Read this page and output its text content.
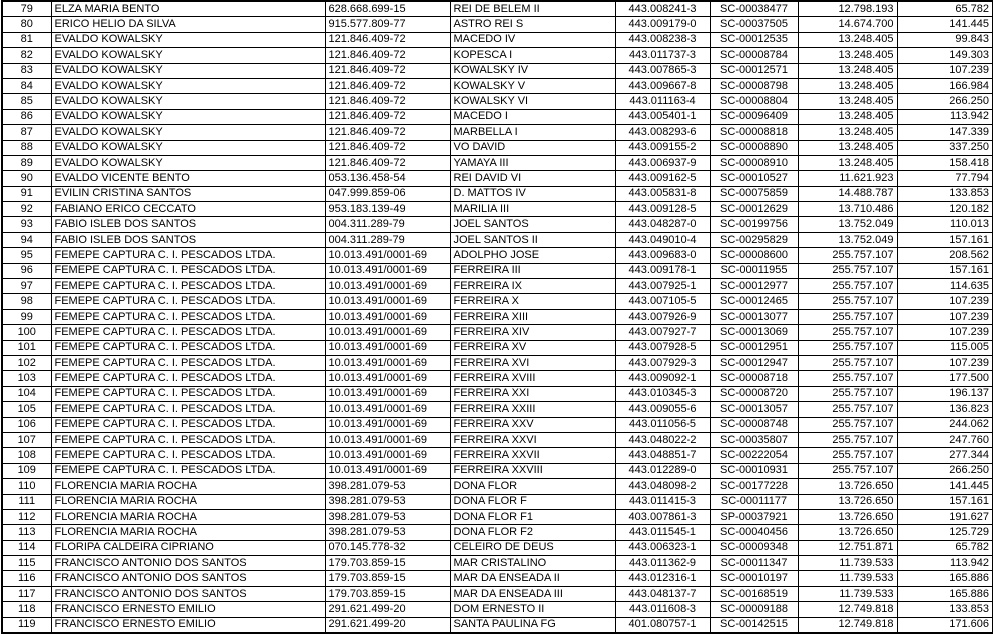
79	ELZA MARIA BENTO	628.668.699-15	REI DE BELEM II	443.008241-3	SC-00038477	12.798.193	65.782
80	ERICO HELIO DA SILVA	915.577.809-77	ASTRO REI S	443.009179-0	SC-00037505	14.674.700	141.445
81	EVALDO KOWALSKY	121.846.409-72	MACEDO IV	443.008238-3	SC-00012535	13.248.405	99.843
82	EVALDO KOWALSKY	121.846.409-72	KOPESCA I	443.011737-3	SC-00008784	13.248.405	149.303
83	EVALDO KOWALSKY	121.846.409-72	KOWALSKY IV	443.007865-3	SC-00012571	13.248.405	107.239
84	EVALDO KOWALSKY	121.846.409-72	KOWALSKY V	443.009667-8	SC-00008798	13.248.405	166.984
85	EVALDO KOWALSKY	121.846.409-72	KOWALSKY VI	443.011163-4	SC-00008804	13.248.405	266.250
86	EVALDO KOWALSKY	121.846.409-72	MACEDO I	443.005401-1	SC-00096409	13.248.405	113.942
87	EVALDO KOWALSKY	121.846.409-72	MARBELLA I	443.008293-6	SC-00008818	13.248.405	147.339
88	EVALDO KOWALSKY	121.846.409-72	VO DAVID	443.009155-2	SC-00008890	13.248.405	337.250
89	EVALDO KOWALSKY	121.846.409-72	YAMAYA III	443.006937-9	SC-00008910	13.248.405	158.418
90	EVALDO VICENTE BENTO	053.136.458-54	REI DAVID VI	443.009162-5	SC-00010527	11.621.923	77.794
91	EVILIN CRISTINA SANTOS	047.999.859-06	D. MATTOS IV	443.005831-8	SC-00075859	14.488.787	133.853
92	FABIANO ERICO CECCATO	953.183.139-49	MARILIA III	443.009128-5	SC-00012629	13.710.486	120.182
93	FABIO ISLEB DOS SANTOS	004.311.289-79	JOEL SANTOS	443.048287-0	SC-00199756	13.752.049	110.013
94	FABIO ISLEB DOS SANTOS	004.311.289-79	JOEL SANTOS II	443.049010-4	SC-00295829	13.752.049	157.161
95	FEMEPE CAPTURA C. I. PESCADOS LTDA.	10.013.491/0001-69	ADOLPHO JOSE	443.009683-0	SC-00008600	255.757.107	208.562
96	FEMEPE CAPTURA C. I. PESCADOS LTDA.	10.013.491/0001-69	FERREIRA III	443.009178-1	SC-00011955	255.757.107	157.161
97	FEMEPE CAPTURA C. I. PESCADOS LTDA.	10.013.491/0001-69	FERREIRA IX	443.007925-1	SC-00012977	255.757.107	114.635
98	FEMEPE CAPTURA C. I. PESCADOS LTDA.	10.013.491/0001-69	FERREIRA X	443.007105-5	SC-00012465	255.757.107	107.239
99	FEMEPE CAPTURA C. I. PESCADOS LTDA.	10.013.491/0001-69	FERREIRA XIII	443.007926-9	SC-00013077	255.757.107	107.239
100	FEMEPE CAPTURA C. I. PESCADOS LTDA.	10.013.491/0001-69	FERREIRA XIV	443.007927-7	SC-00013069	255.757.107	107.239
101	FEMEPE CAPTURA C. I. PESCADOS LTDA.	10.013.491/0001-69	FERREIRA XV	443.007928-5	SC-00012951	255.757.107	115.005
102	FEMEPE CAPTURA C. I. PESCADOS LTDA.	10.013.491/0001-69	FERREIRA XVI	443.007929-3	SC-00012947	255.757.107	107.239
103	FEMEPE CAPTURA C. I. PESCADOS LTDA.	10.013.491/0001-69	FERREIRA XVIII	443.009092-1	SC-00008718	255.757.107	177.500
104	FEMEPE CAPTURA C. I. PESCADOS LTDA.	10.013.491/0001-69	FERREIRA XXI	443.010345-3	SC-00008720	255.757.107	196.137
105	FEMEPE CAPTURA C. I. PESCADOS LTDA.	10.013.491/0001-69	FERREIRA XXIII	443.009055-6	SC-00013057	255.757.107	136.823
106	FEMEPE CAPTURA C. I. PESCADOS LTDA.	10.013.491/0001-69	FERREIRA XXV	443.011056-5	SC-00008748	255.757.107	244.062
107	FEMEPE CAPTURA C. I. PESCADOS LTDA.	10.013.491/0001-69	FERREIRA XXVI	443.048022-2	SC-00035807	255.757.107	247.760
108	FEMEPE CAPTURA C. I. PESCADOS LTDA.	10.013.491/0001-69	FERREIRA XXVII	443.048851-7	SC-00222054	255.757.107	277.344
109	FEMEPE CAPTURA C. I. PESCADOS LTDA.	10.013.491/0001-69	FERREIRA XXVIII	443.012289-0	SC-00010931	255.757.107	266.250
110	FLORENCIA MARIA ROCHA	398.281.079-53	DONA FLOR	443.048098-2	SC-00177228	13.726.650	141.445
111	FLORENCIA MARIA ROCHA	398.281.079-53	DONA FLOR F	443.011415-3	SC-00011177	13.726.650	157.161
112	FLORENCIA MARIA ROCHA	398.281.079-53	DONA FLOR F1	403.007861-3	SP-00037921	13.726.650	191.627
113	FLORENCIA MARIA ROCHA	398.281.079-53	DONA FLOR F2	443.011545-1	SC-00040456	13.726.650	125.729
114	FLORIPA CALDEIRA CIPRIANO	070.145.778-32	CELEIRO DE DEUS	443.006323-1	SC-00009348	12.751.871	65.782
115	FRANCISCO ANTONIO DOS SANTOS	179.703.859-15	MAR CRISTALINO	443.011362-9	SC-00011347	11.739.533	113.942
116	FRANCISCO ANTONIO DOS SANTOS	179.703.859-15	MAR DA ENSEADA II	443.012316-1	SC-00010197	11.739.533	165.886
117	FRANCISCO ANTONIO DOS SANTOS	179.703.859-15	MAR DA ENSEADA III	443.048137-7	SC-00168519	11.739.533	165.886
118	FRANCISCO ERNESTO EMILIO	291.621.499-20	DOM ERNESTO II	443.011608-3	SC-00009188	12.749.818	133.853
119	FRANCISCO ERNESTO EMILIO	291.621.499-20	SANTA PAULINA FG	401.080757-1	SC-00142515	12.749.818	171.606
